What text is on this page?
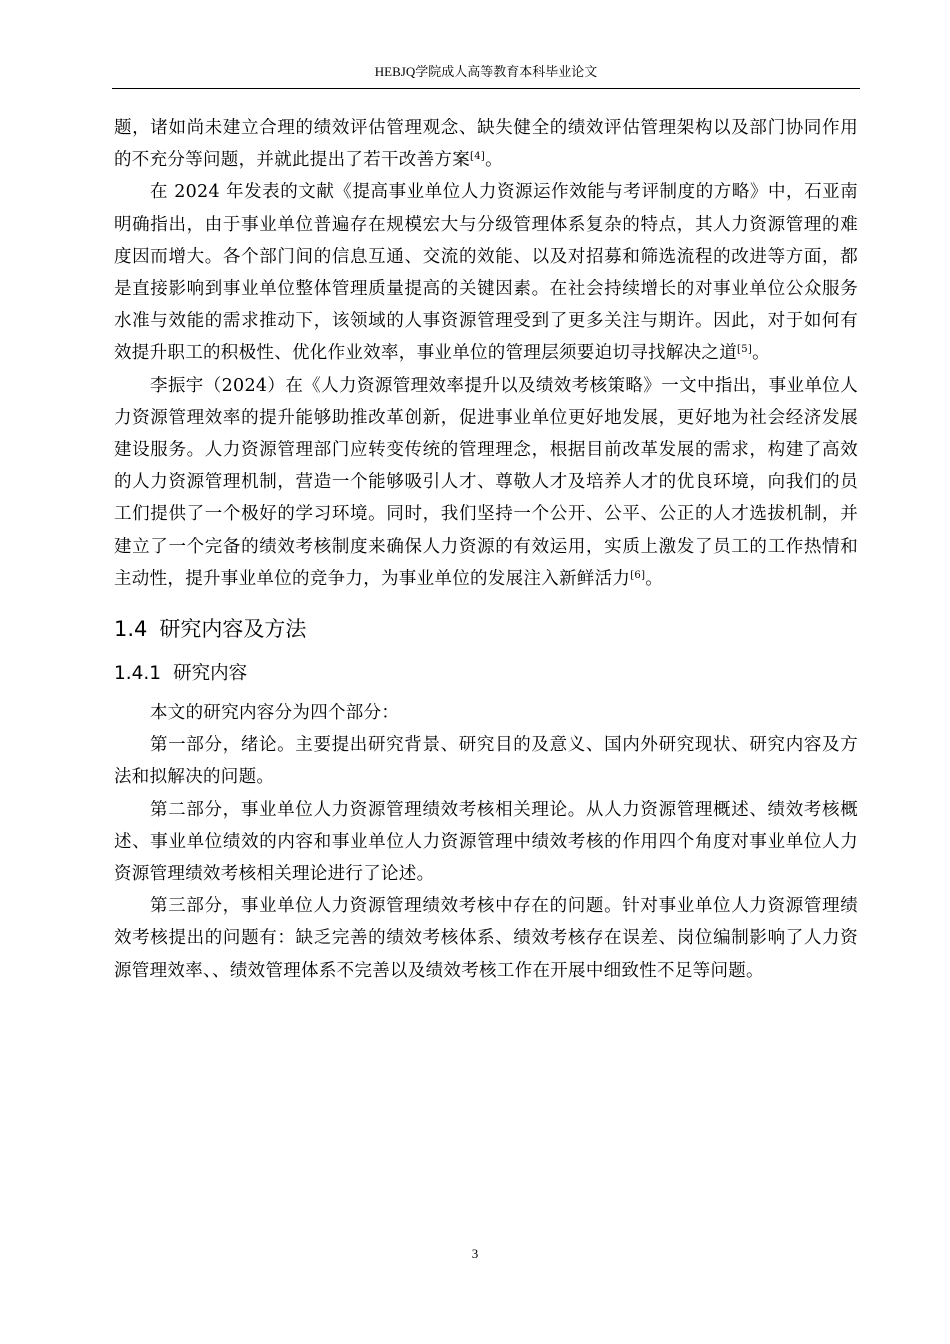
HEBJQ学院成人高等教育本科毕业论文

题，诸如尚未建立合理的绩效评估管理观念、缺失健全的绩效评估管理架构以及部门协同作用的不充分等问题，并就此提出了若干改善方案[4]。

在 2024 年发表的文献《提高事业单位人力资源运作效能与考评制度的方略》中，石亚南明确指出，由于事业单位普遍存在规模宏大与分级管理体系复杂的特点，其人力资源管理的难度因而增大。各个部门间的信息互通、交流的效能、以及对招募和筛选流程的改进等方面，都是直接影响到事业单位整体管理质量提高的关键因素。在社会持续增长的对事业单位公众服务水准与效能的需求推动下，该领域的人事资源管理受到了更多关注与期许。因此，对于如何有效提升职工的积极性、优化作业效率，事业单位的管理层须要迫切寻找解决之道[5]。

李振宇（2024）在《人力资源管理效率提升以及绩效考核策略》一文中指出，事业单位人力资源管理效率的提升能够助推改革创新，促进事业单位更好地发展，更好地为社会经济发展建设服务。人力资源管理部门应转变传统的管理理念，根据目前改革发展的需求，构建了高效的人力资源管理机制，营造一个能够吸引人才、尊敬人才及培养人才的优良环境，向我们的员工们提供了一个极好的学习环境。同时，我们坚持一个公开、公平、公正的人才选拔机制，并建立了一个完备的绩效考核制度来确保人力资源的有效运用，实质上激发了员工的工作热情和主动性，提升事业单位的竞争力，为事业单位的发展注入新鲜活力[6]。

1.4 研究内容及方法
1.4.1 研究内容

本文的研究内容分为四个部分：

第一部分，绪论。主要提出研究背景、研究目的及意义、国内外研究现状、研究内容及方法和拟解决的问题。

第二部分，事业单位人力资源管理绩效考核相关理论。从人力资源管理概述、绩效考核概述、事业单位绩效的内容和事业单位人力资源管理中绩效考核的作用四个角度对事业单位人力资源管理绩效考核相关理论进行了论述。

第三部分，事业单位人力资源管理绩效考核中存在的问题。针对事业单位人力资源管理绩效考核提出的问题有：缺乏完善的绩效考核体系、绩效考核存在误差、岗位编制影响了人力资源管理效率、、绩效管理体系不完善以及绩效考核工作在开展中细致性不足等问题。

3
